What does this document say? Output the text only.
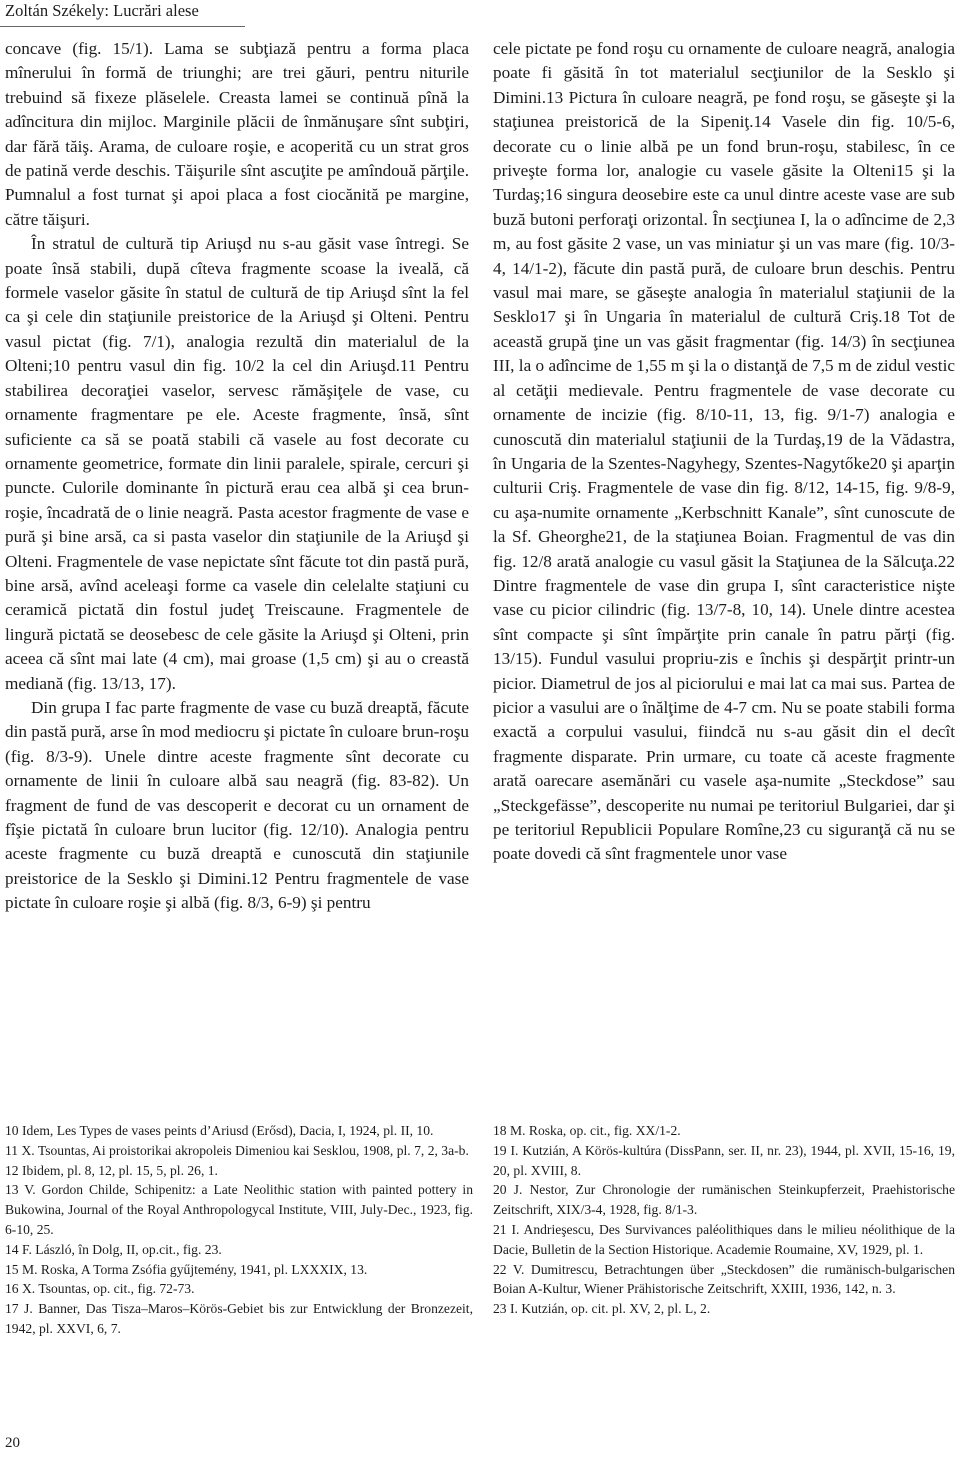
Zoltán Székely: Lucrări alese

concave (fig. 15/1). Lama se subţiază pentru a forma placa mînerului în formă de triunghi; are trei găuri, pentru niturile trebuind să fixeze plăselele. Creasta lamei se continuă pînă la adîncitura din mijloc. Marginile plăcii de înmănuşare sînt subţiri, dar fără tăiş. Arama, de culoare roşie, e acoperită cu un strat gros de patină verde deschis. Tăişurile sînt ascuţite pe amîndouă părţile. Pumnalul a fost turnat şi apoi placa a fost ciocănită pe margine, către tăişuri.

În stratul de cultură tip Ariuşd nu s-au găsit vase întregi. Se poate însă stabili, după cîteva fragmente scoase la iveală, că formele vaselor găsite în statul de cultură de tip Ariuşd sînt la fel ca şi cele din staţiunile preistorice de la Ariuşd şi Olteni. Pentru vasul pictat (fig. 7/1), analogia rezultă din materialul de la Olteni;10 pentru vasul din fig. 10/2 la cel din Ariuşd.11 Pentru stabilirea decoraţiei vaselor, servesc rămăşiţele de vase, cu ornamente fragmentare pe ele. Aceste fragmente, însă, sînt suficiente ca să se poată stabili că vasele au fost decorate cu ornamente geometrice, formate din linii paralele, spirale, cercuri şi puncte. Culorile dominante în pictură erau cea albă şi cea brun-roşie, încadrată de o linie neagră. Pasta acestor fragmente de vase e pură şi bine arsă, ca si pasta vaselor din staţiunile de la Ariuşd şi Olteni. Fragmentele de vase nepictate sînt făcute tot din pastă pură, bine arsă, avînd aceleaşi forme ca vasele din celelalte staţiuni cu ceramică pictată din fostul judeţ Treiscaune. Fragmentele de lingură pictată se deosebesc de cele găsite la Ariuşd şi Olteni, prin aceea că sînt mai late (4 cm), mai groase (1,5 cm) şi au o creastă mediană (fig. 13/13, 17).

Din grupa I fac parte fragmente de vase cu buză dreaptă, făcute din pastă pură, arse în mod mediocru şi pictate în culoare brun-roşu (fig. 8/3-9). Unele dintre aceste fragmente sînt decorate cu ornamente de linii în culoare albă sau neagră (fig. 83-82). Un fragment de fund de vas descoperit e decorat cu un ornament de fîşie pictată în culoare brun lucitor (fig. 12/10). Analogia pentru aceste fragmente cu buză dreaptă e cunoscută din staţiunile preistorice de la Sesklo şi Dimini.12 Pentru fragmentele de vase pictate în culoare roşie şi albă (fig. 8/3, 6-9) şi pentru

cele pictate pe fond roşu cu ornamente de culoare neagră, analogia poate fi găsită în tot materialul secţiunilor de la Sesklo şi Dimini.13 Pictura în culoare neagră, pe fond roşu, se găseşte şi la staţiunea preistorică de la Sipeniţ.14 Vasele din fig. 10/5-6, decorate cu o linie albă pe un fond brun-roşu, stabilesc, în ce priveşte forma lor, analogie cu vasele găsite la Olteni15 şi la Turdaş;16 singura deosebire este ca unul dintre aceste vase are sub buză butoni perforaţi orizontal. În secţiunea I, la o adîncime de 2,3 m, au fost găsite 2 vase, un vas miniatur şi un vas mare (fig. 10/3-4, 14/1-2), făcute din pastă pură, de culoare brun deschis. Pentru vasul mai mare, se găseşte analogia în materialul staţiunii de la Sesklo17 şi în Ungaria în materialul de cultură Criş.18 Tot de această grupă ţine un vas găsit fragmentar (fig. 14/3) în secţiunea III, la o adîncime de 1,55 m şi la o distanţă de 7,5 m de zidul vestic al cetăţii medievale. Pentru fragmentele de vase decorate cu ornamente de incizie (fig. 8/10-11, 13, fig. 9/1-7) analogia e cunoscută din materialul staţiunii de la Turdaş,19 de la Vădastra, în Ungaria de la Szentes-Nagyhegy, Szentes-Nagytőke20 şi aparţin culturii Criş. Fragmentele de vase din fig. 8/12, 14-15, fig. 9/8-9, cu aşa-numite ornamente „Kerbschnitt Kanale”, sînt cunoscute de la Sf. Gheorghe21, de la staţiunea Boian. Fragmentul de vas din fig. 12/8 arată analogie cu vasul găsit la Staţiunea de la Sălcuţa.22 Dintre fragmentele de vase din grupa I, sînt caracteristice nişte vase cu picior cilindric (fig. 13/7-8, 10, 14). Unele dintre acestea sînt compacte şi sînt împărţite prin canale în patru părţi (fig. 13/15). Fundul vasului propriu-zis e închis şi despărţit printr-un picior. Diametrul de jos al piciorului e mai lat ca mai sus. Partea de picior a vasului are o înălţime de 4-7 cm. Nu se poate stabili forma exactă a corpului vasului, fiindcă nu s-au găsit din el decît fragmente disparate. Prin urmare, cu toate că aceste fragmente arată oarecare asemănări cu vasele aşa-numite „Steckdose” sau „Steckgefässe”, descoperite nu numai pe teritoriul Bulgariei, dar şi pe teritoriul Republicii Populare Romîne,23 cu siguranţă că nu se poate dovedi că sînt fragmentele unor vase

10 Idem, Les Types de vases peints d’Ariusd (Erősd), Dacia, I, 1924, pl. II, 10.

11 X. Tsountas, Ai proistorikai akropoleis Dimeniou kai Sesklou, 1908, pl. 7, 2, 3a-b.

12 Ibidem, pl. 8, 12, pl. 15, 5, pl. 26, 1.

13 V. Gordon Childe, Schipenitz: a Late Neolithic station with painted pottery in Bukowina, Journal of the Royal Anthropologycal Institute, VIII, July-Dec., 1923, fig. 6-10, 25.

14 F. László, în Dolg, II, op.cit., fig. 23.

15 M. Roska, A Torma Zsófia gyűjtemény, 1941, pl. LXXXIX, 13.

16 X. Tsountas, op. cit., fig. 72-73.

17 J. Banner, Das Tisza–Maros–Körös-Gebiet bis zur Entwicklung der Bronzezeit, 1942, pl. XXVI, 6, 7.

18 M. Roska, op. cit., fig. XX/1-2.

19 I. Kutzián, A Körös-kultúra (DissPann, ser. II, nr. 23), 1944, pl. XVII, 15-16, 19, 20, pl. XVIII, 8.

20 J. Nestor, Zur Chronologie der rumänischen Steinkupferzeit, Praehistorische Zeitschrift, XIX/3-4, 1928, fig. 8/1-3.

21 I. Andrieşescu, Des Survivances paléolithiques dans le milieu néolithique de la Dacie, Bulletin de la Section Historique. Academie Roumaine, XV, 1929, pl. 1.

22 V. Dumitrescu, Betrachtungen über „Steckdosen” die rumänisch-bulgarischen Boian A-Kultur, Wiener Prähistorische Zeitschrift, XXIII, 1936, 142, n. 3.

23 I. Kutzián, op. cit. pl. XV, 2, pl. L, 2.

20
